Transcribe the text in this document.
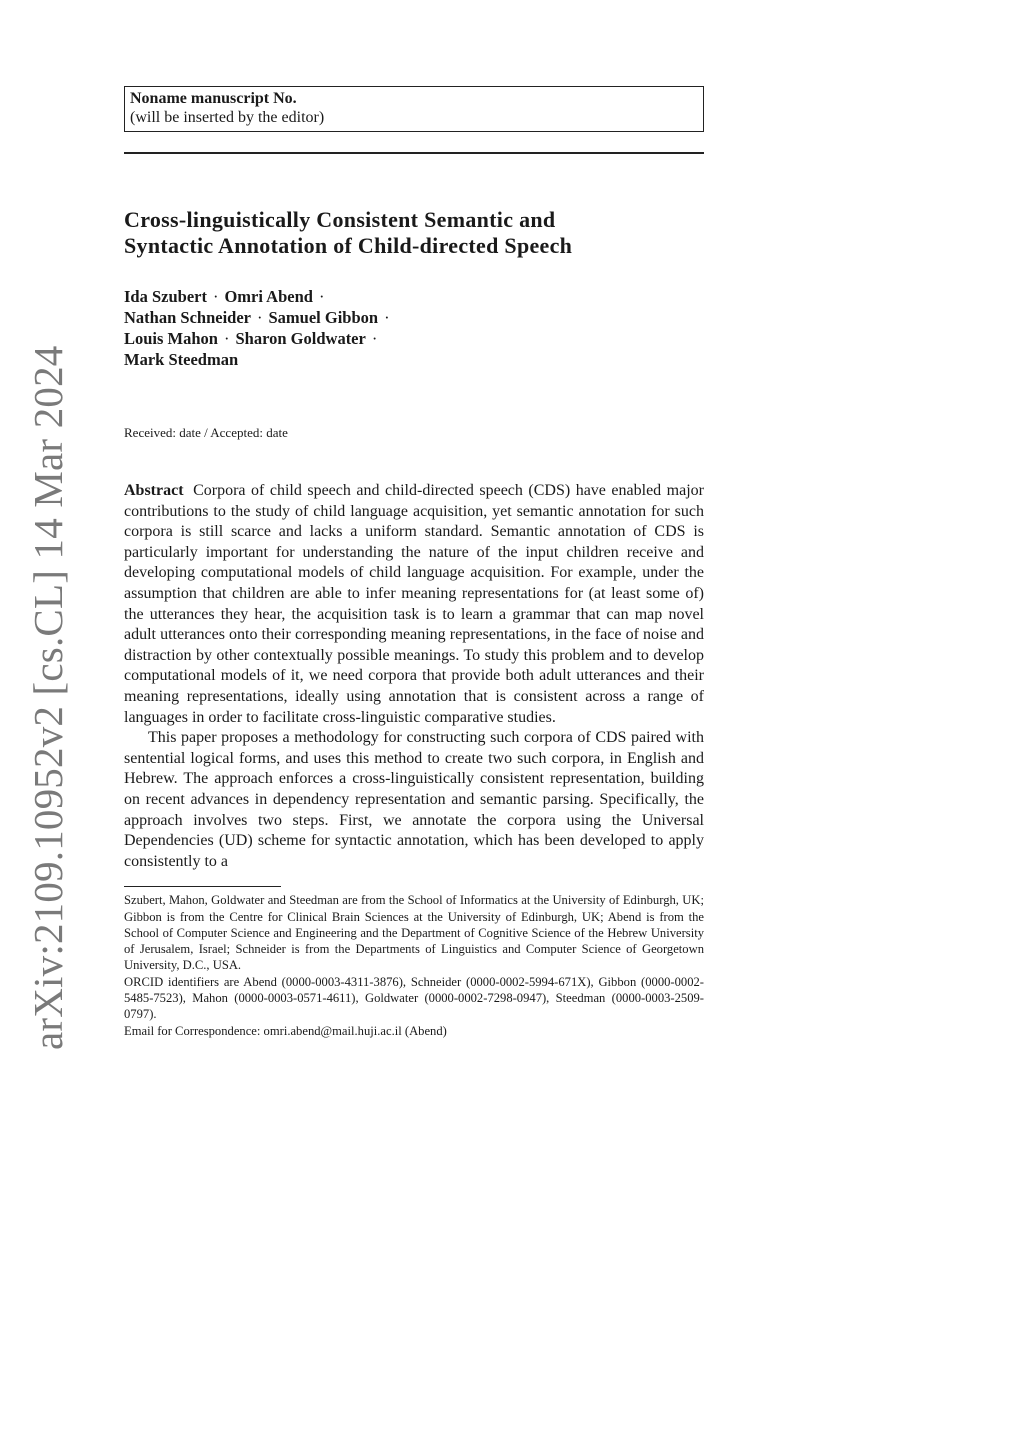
arXiv:2109.10952v2 [cs.CL] 14 Mar 2024
Noname manuscript No.
(will be inserted by the editor)
Cross-linguistically Consistent Semantic and
Syntactic Annotation of Child-directed Speech
Ida Szubert · Omri Abend ·
Nathan Schneider · Samuel Gibbon ·
Louis Mahon · Sharon Goldwater ·
Mark Steedman
Received: date / Accepted: date

Abstract Corpora of child speech and child-directed speech (CDS) have enabled major contributions to the study of child language acquisition, yet semantic annotation for such corpora is still scarce and lacks a uniform standard. Semantic annotation of CDS is particularly important for understanding the nature of the input children receive and developing computational models of child language acquisition. For example, under the assumption that children are able to infer meaning representations for (at least some of) the utterances they hear, the acquisition task is to learn a grammar that can map novel adult utterances onto their corresponding meaning representations, in the face of noise and distraction by other contextually possible meanings. To study this problem and to develop computational models of it, we need corpora that provide both adult utterances and their meaning representations, ideally using annotation that is consistent across a range of languages in order to facilitate cross-linguistic comparative studies.

This paper proposes a methodology for constructing such corpora of CDS paired with sentential logical forms, and uses this method to create two such corpora, in English and Hebrew. The approach enforces a cross-linguistically consistent representation, building on recent advances in dependency representation and semantic parsing. Specifically, the approach involves two steps. First, we annotate the corpora using the Universal Dependencies (UD) scheme for syntactic annotation, which has been developed to apply consistently to a

Szubert, Mahon, Goldwater and Steedman are from the School of Informatics at the University of Edinburgh, UK; Gibbon is from the Centre for Clinical Brain Sciences at the University of Edinburgh, UK; Abend is from the School of Computer Science and Engineering and the Department of Cognitive Science of the Hebrew University of Jerusalem, Israel; Schneider is from the Departments of Linguistics and Computer Science of Georgetown University, D.C., USA.

ORCID identifiers are Abend (0000-0003-4311-3876), Schneider (0000-0002-5994-671X), Gibbon (0000-0002-5485-7523), Mahon (0000-0003-0571-4611), Goldwater (0000-0002-7298-0947), Steedman (0000-0003-2509-0797).

Email for Correspondence: omri.abend@mail.huji.ac.il (Abend)
